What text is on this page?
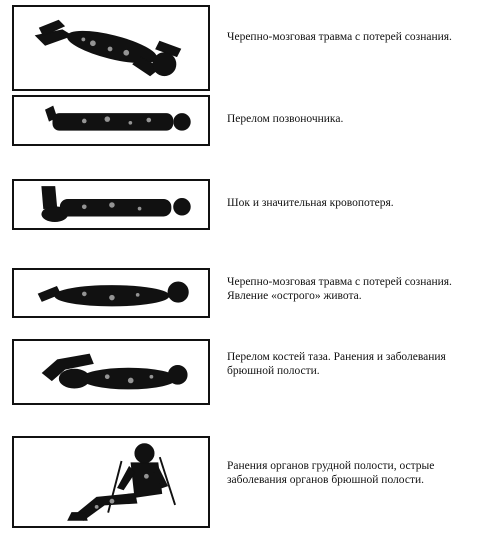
Черепно-мозговая травма с потерей сознания.
Перелом позвоночника.
Шок и значительная кровопотеря.
Черепно-мозговая травма с потерей сознания. Явление «острого» живота.
Перелом костей таза. Ранения и заболевания брюшной полости.
Ранения органов грудной полости, острые заболевания органов брюшной полости.
